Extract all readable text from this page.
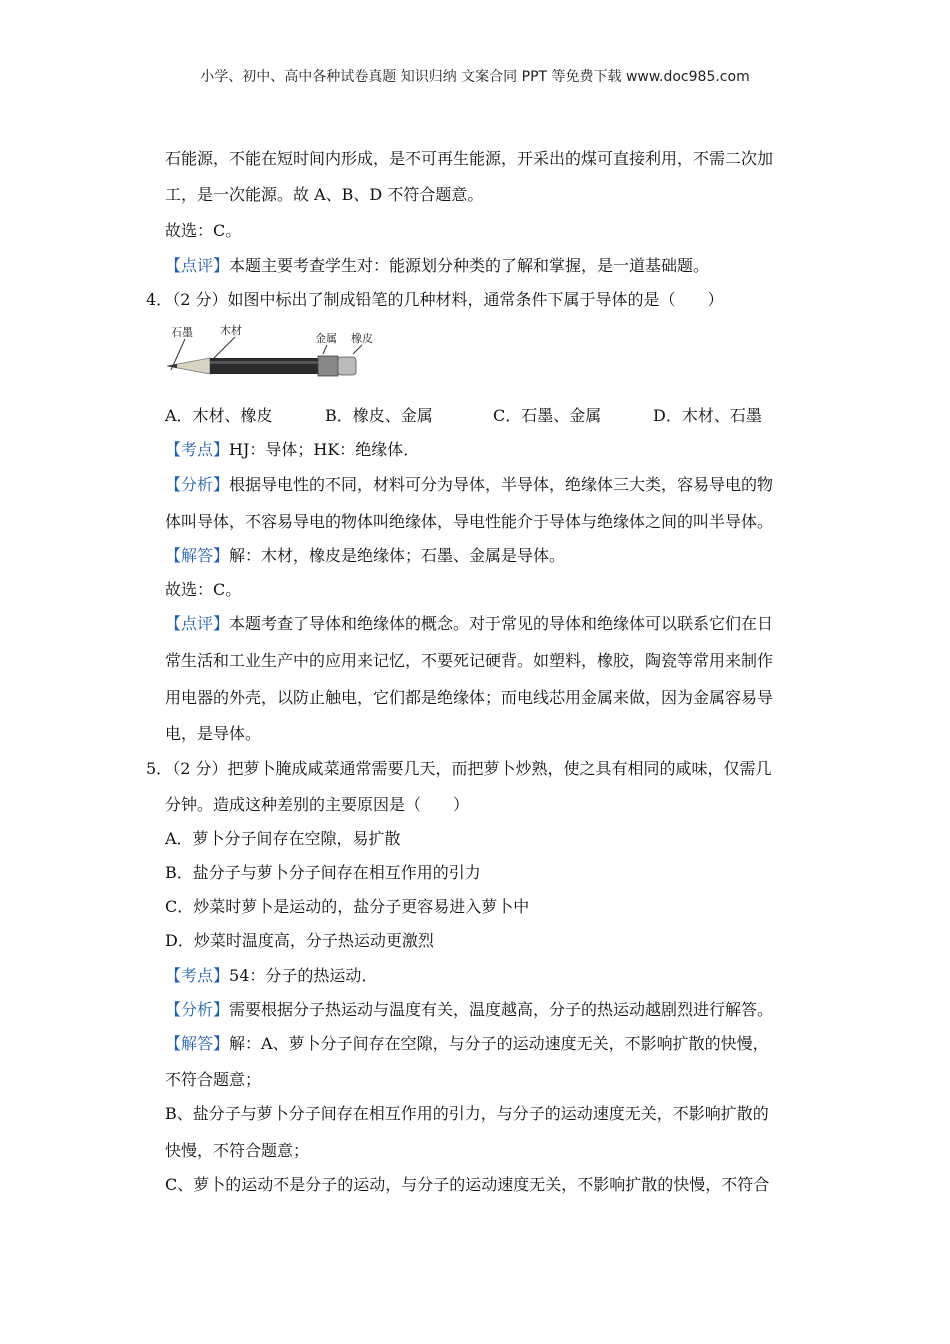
小学、初中、高中各种试卷真题 知识归纳 文案合同 PPT 等免费下载 www.doc985.com
石能源，不能在短时间内形成，是不可再生能源，开采出的煤可直接利用，不需二次加
工，是一次能源。故 A、B、D 不符合题意。
故选：C。
【点评】本题主要考查学生对：能源划分种类的了解和掌握，是一道基础题。
4．（2 分）如图中标出了制成铅笔的几种材料，通常条件下属于导体的是（　　）
石墨 木材
金属 橡皮
A．木材、橡皮	B．橡皮、金属	C．石墨、金属	D．木材、石墨
【考点】HJ：导体；HK：绝缘体．
【分析】根据导电性的不同，材料可分为导体，半导体，绝缘体三大类，容易导电的物
体叫导体，不容易导电的物体叫绝缘体，导电性能介于导体与绝缘体之间的叫半导体。
【解答】解：木材，橡皮是绝缘体；石墨、金属是导体。
故选：C。
【点评】本题考查了导体和绝缘体的概念。对于常见的导体和绝缘体可以联系它们在日
常生活和工业生产中的应用来记忆，不要死记硬背。如塑料，橡胶，陶瓷等常用来制作
用电器的外壳，以防止触电，它们都是绝缘体；而电线芯用金属来做，因为金属容易导
电，是导体。
5．（2 分）把萝卜腌成咸菜通常需要几天，而把萝卜炒熟，使之具有相同的咸味，仅需几
分钟。造成这种差别的主要原因是（　　）
A．萝卜分子间存在空隙，易扩散
B．盐分子与萝卜分子间存在相互作用的引力
C．炒菜时萝卜是运动的，盐分子更容易进入萝卜中
D．炒菜时温度高，分子热运动更激烈
【考点】54：分子的热运动．
【分析】需要根据分子热运动与温度有关，温度越高，分子的热运动越剧烈进行解答。
【解答】解：A、萝卜分子间存在空隙，与分子的运动速度无关，不影响扩散的快慢，
不符合题意；
B、盐分子与萝卜分子间存在相互作用的引力，与分子的运动速度无关，不影响扩散的
快慢，不符合题意；
C、萝卜的运动不是分子的运动，与分子的运动速度无关，不影响扩散的快慢，不符合
